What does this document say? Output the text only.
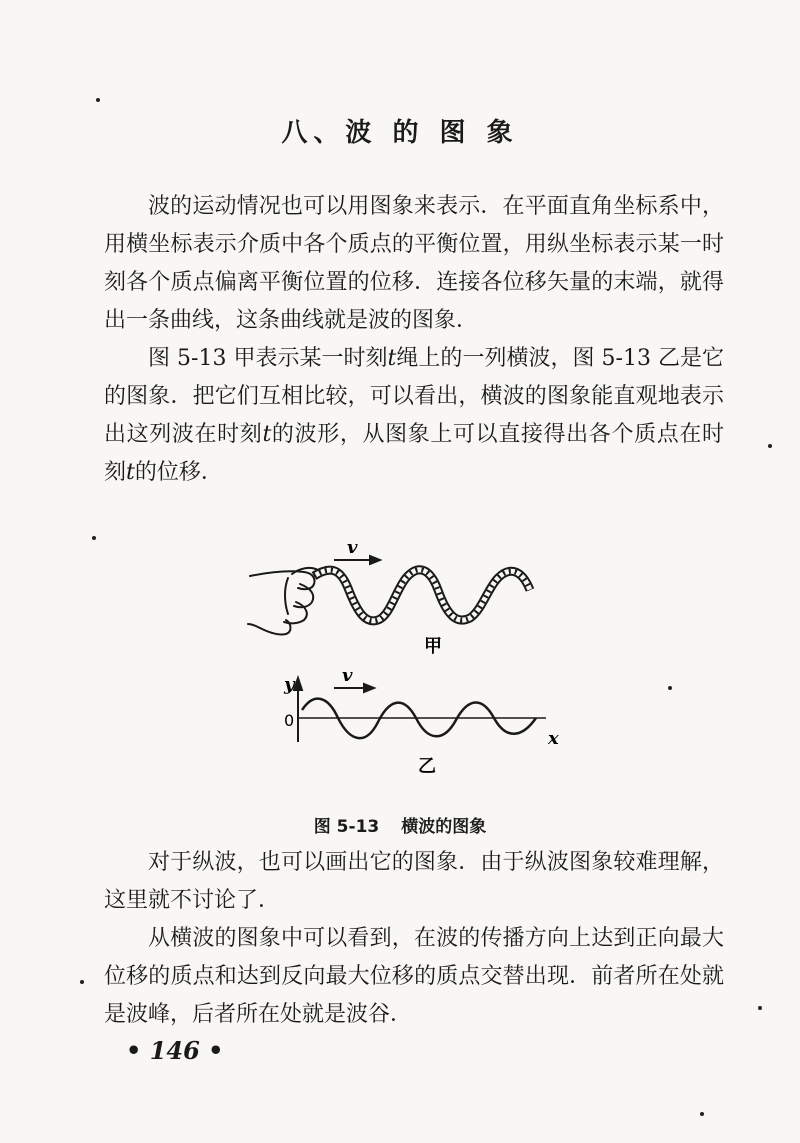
八、波 的 图 象

波的运动情况也可以用图象来表示．在平面直角坐标系中，用横坐标表示介质中各个质点的平衡位置，用纵坐标表示某一时刻各个质点偏离平衡位置的位移．连接各位移矢量的末端，就得出一条曲线，这条曲线就是波的图象．

图 5-13 甲表示某一时刻t绳上的一列横波，图 5-13 乙是它的图象．把它们互相比较，可以看出，横波的图象能直观地表示出这列波在时刻t的波形，从图象上可以直接得出各个质点在时刻t的位移．

v
甲
y
x
0
v
乙
图 5-13 横波的图象

对于纵波，也可以画出它的图象．由于纵波图象较难理解，这里就不讨论了．

从横波的图象中可以看到，在波的传播方向上达到正向最大位移的质点和达到反向最大位移的质点交替出现．前者所在处就是波峰，后者所在处就是波谷．

• 146 •
